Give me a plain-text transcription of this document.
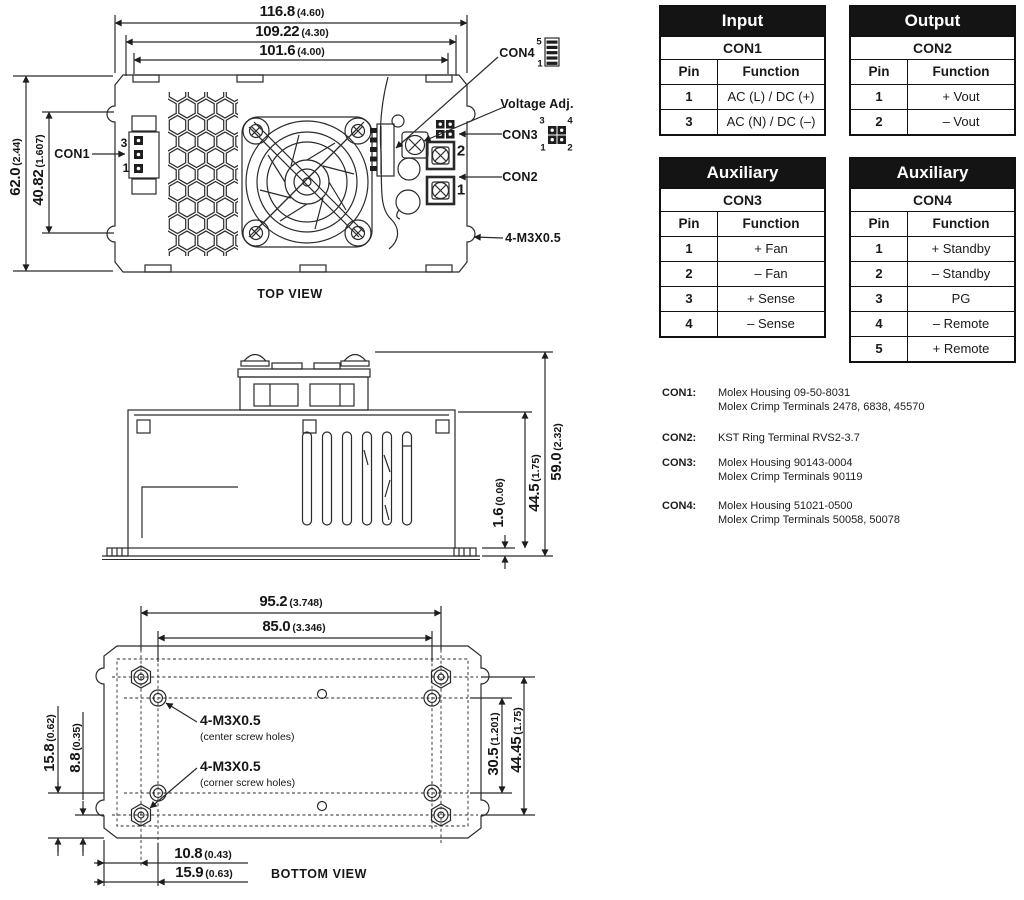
116.8 (4.60)
109.22 (4.30)
101.6 (4.00)
62.0(2.44)
40.82(1.607) CON1
3
1
CON4
5
1
Voltage Adj.
CON3
3 4
1 2
CON2
2
1
4-M3X0.5
TOP VIEW
1.6(0.06) 44.5(1.75) 59.0(2.32)
95.2 (3.748)
85.0 (3.346)
15.8(0.62)
8.8(0.35)
30.5(1.201)
44.45(1.75)
4-M3X0.5
(center screw holes)
4-M3X0.5
(corner screw holes)
10.8 (0.43)
15.9 (0.63)	BOTTOM VIEW
Input
CON1
Pin	Function
1	AC (L) / DC (+)
3	AC (N) / DC (–)
Output
CON2
Pin	Function
1	+ Vout
2	– Vout
Auxiliary
CON3
Pin	Function
1	+ Fan
2	– Fan
3	+ Sense
4	– Sense
Auxiliary
CON4
Pin	Function
1	+ Standby
2	– Standby
3	PG
4	– Remote
5	+ Remote
CON1:	Molex Housing 09-50-8031
Molex Crimp Terminals 2478, 6838, 45570
CON2:	KST Ring Terminal RVS2-3.7
CON3:	Molex Housing 90143-0004
Molex Crimp Terminals 90119
CON4:	Molex Housing 51021-0500
Molex Crimp Terminals 50058, 50078
